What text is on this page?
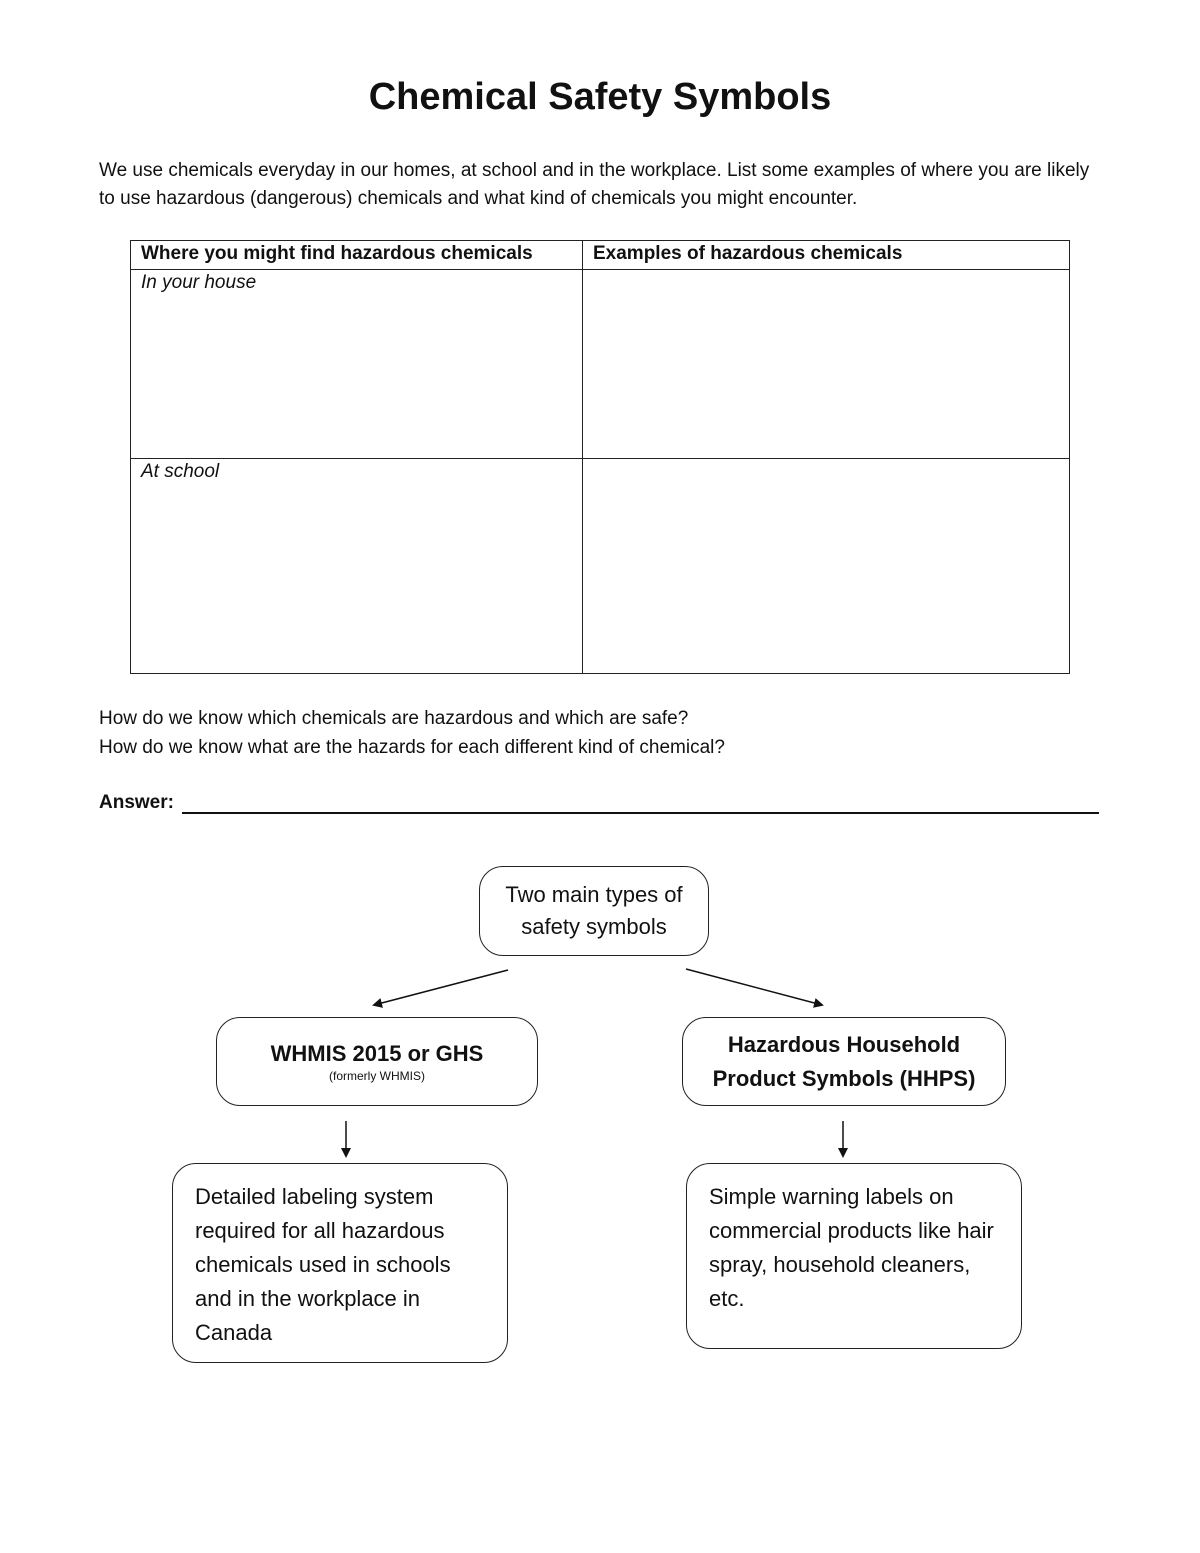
Chemical Safety Symbols

We use chemicals everyday in our homes, at school and in the workplace. List some examples of where you are likely to use hazardous (dangerous) chemicals and what kind of chemicals you might encounter.

Where you might find hazardous chemicals	Examples of hazardous chemicals
In your house	
At school	
How do we know which chemicals are hazardous and which are safe?
How do we know what are the hazards for each different kind of chemical?
Answer:
Two main types of safety symbols
WHMIS 2015 or GHS
(formerly WHMIS)
Hazardous Household Product Symbols (HHPS)
Detailed labeling system required for all hazardous chemicals used in schools and in the workplace in Canada
Simple warning labels on commercial products like hair spray, household cleaners, etc.
